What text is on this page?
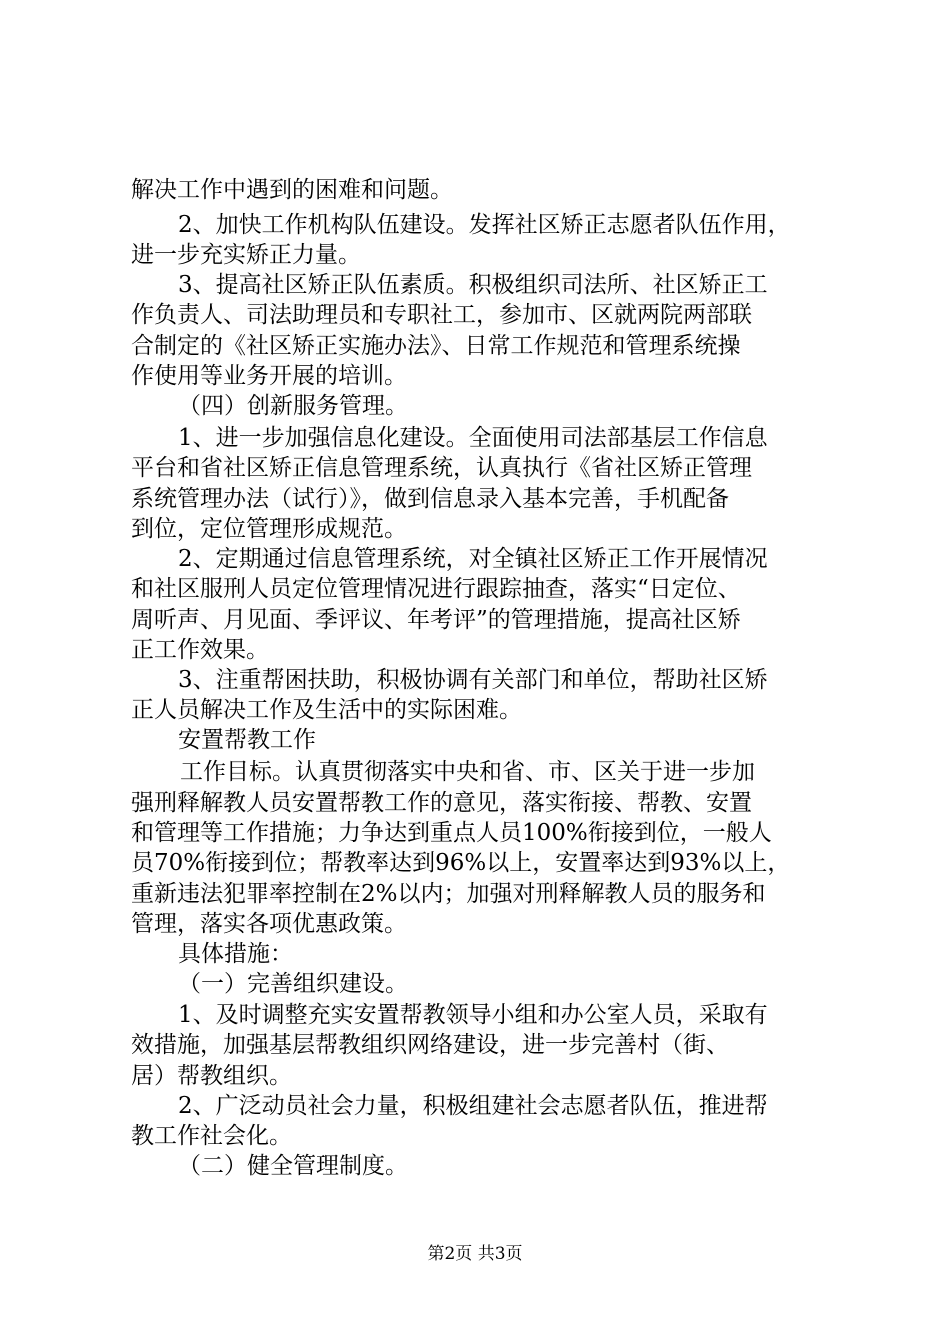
解决工作中遇到的困难和问题。
2、加快工作机构队伍建设。发挥社区矫正志愿者队伍作用，
进一步充实矫正力量。
3、提高社区矫正队伍素质。积极组织司法所、社区矫正工
作负责人、司法助理员和专职社工，参加市、区就两院两部联
合制定的《社区矫正实施办法》、日常工作规范和管理系统操
作使用等业务开展的培训。
（四）创新服务管理。
1、进一步加强信息化建设。全面使用司法部基层工作信息
平台和省社区矫正信息管理系统，认真执行《省社区矫正管理
系统管理办法（试行）》，做到信息录入基本完善，手机配备
到位，定位管理形成规范。
2、定期通过信息管理系统，对全镇社区矫正工作开展情况
和社区服刑人员定位管理情况进行跟踪抽查，落实“日定位、
周听声、月见面、季评议、年考评”的管理措施，提高社区矫
正工作效果。
3、注重帮困扶助，积极协调有关部门和单位，帮助社区矫
正人员解决工作及生活中的实际困难。
安置帮教工作
工作目标。认真贯彻落实中央和省、市、区关于进一步加
强刑释解教人员安置帮教工作的意见，落实衔接、帮教、安置
和管理等工作措施；力争达到重点人员100%衔接到位，一般人
员70%衔接到位；帮教率达到96%以上，安置率达到93%以上，
重新违法犯罪率控制在2%以内；加强对刑释解教人员的服务和
管理，落实各项优惠政策。
具体措施：
（一）完善组织建设。
1、及时调整充实安置帮教领导小组和办公室人员，采取有
效措施，加强基层帮教组织网络建设，进一步完善村（街、
居）帮教组织。
2、广泛动员社会力量，积极组建社会志愿者队伍，推进帮
教工作社会化。
（二）健全管理制度。
第2页 共3页
